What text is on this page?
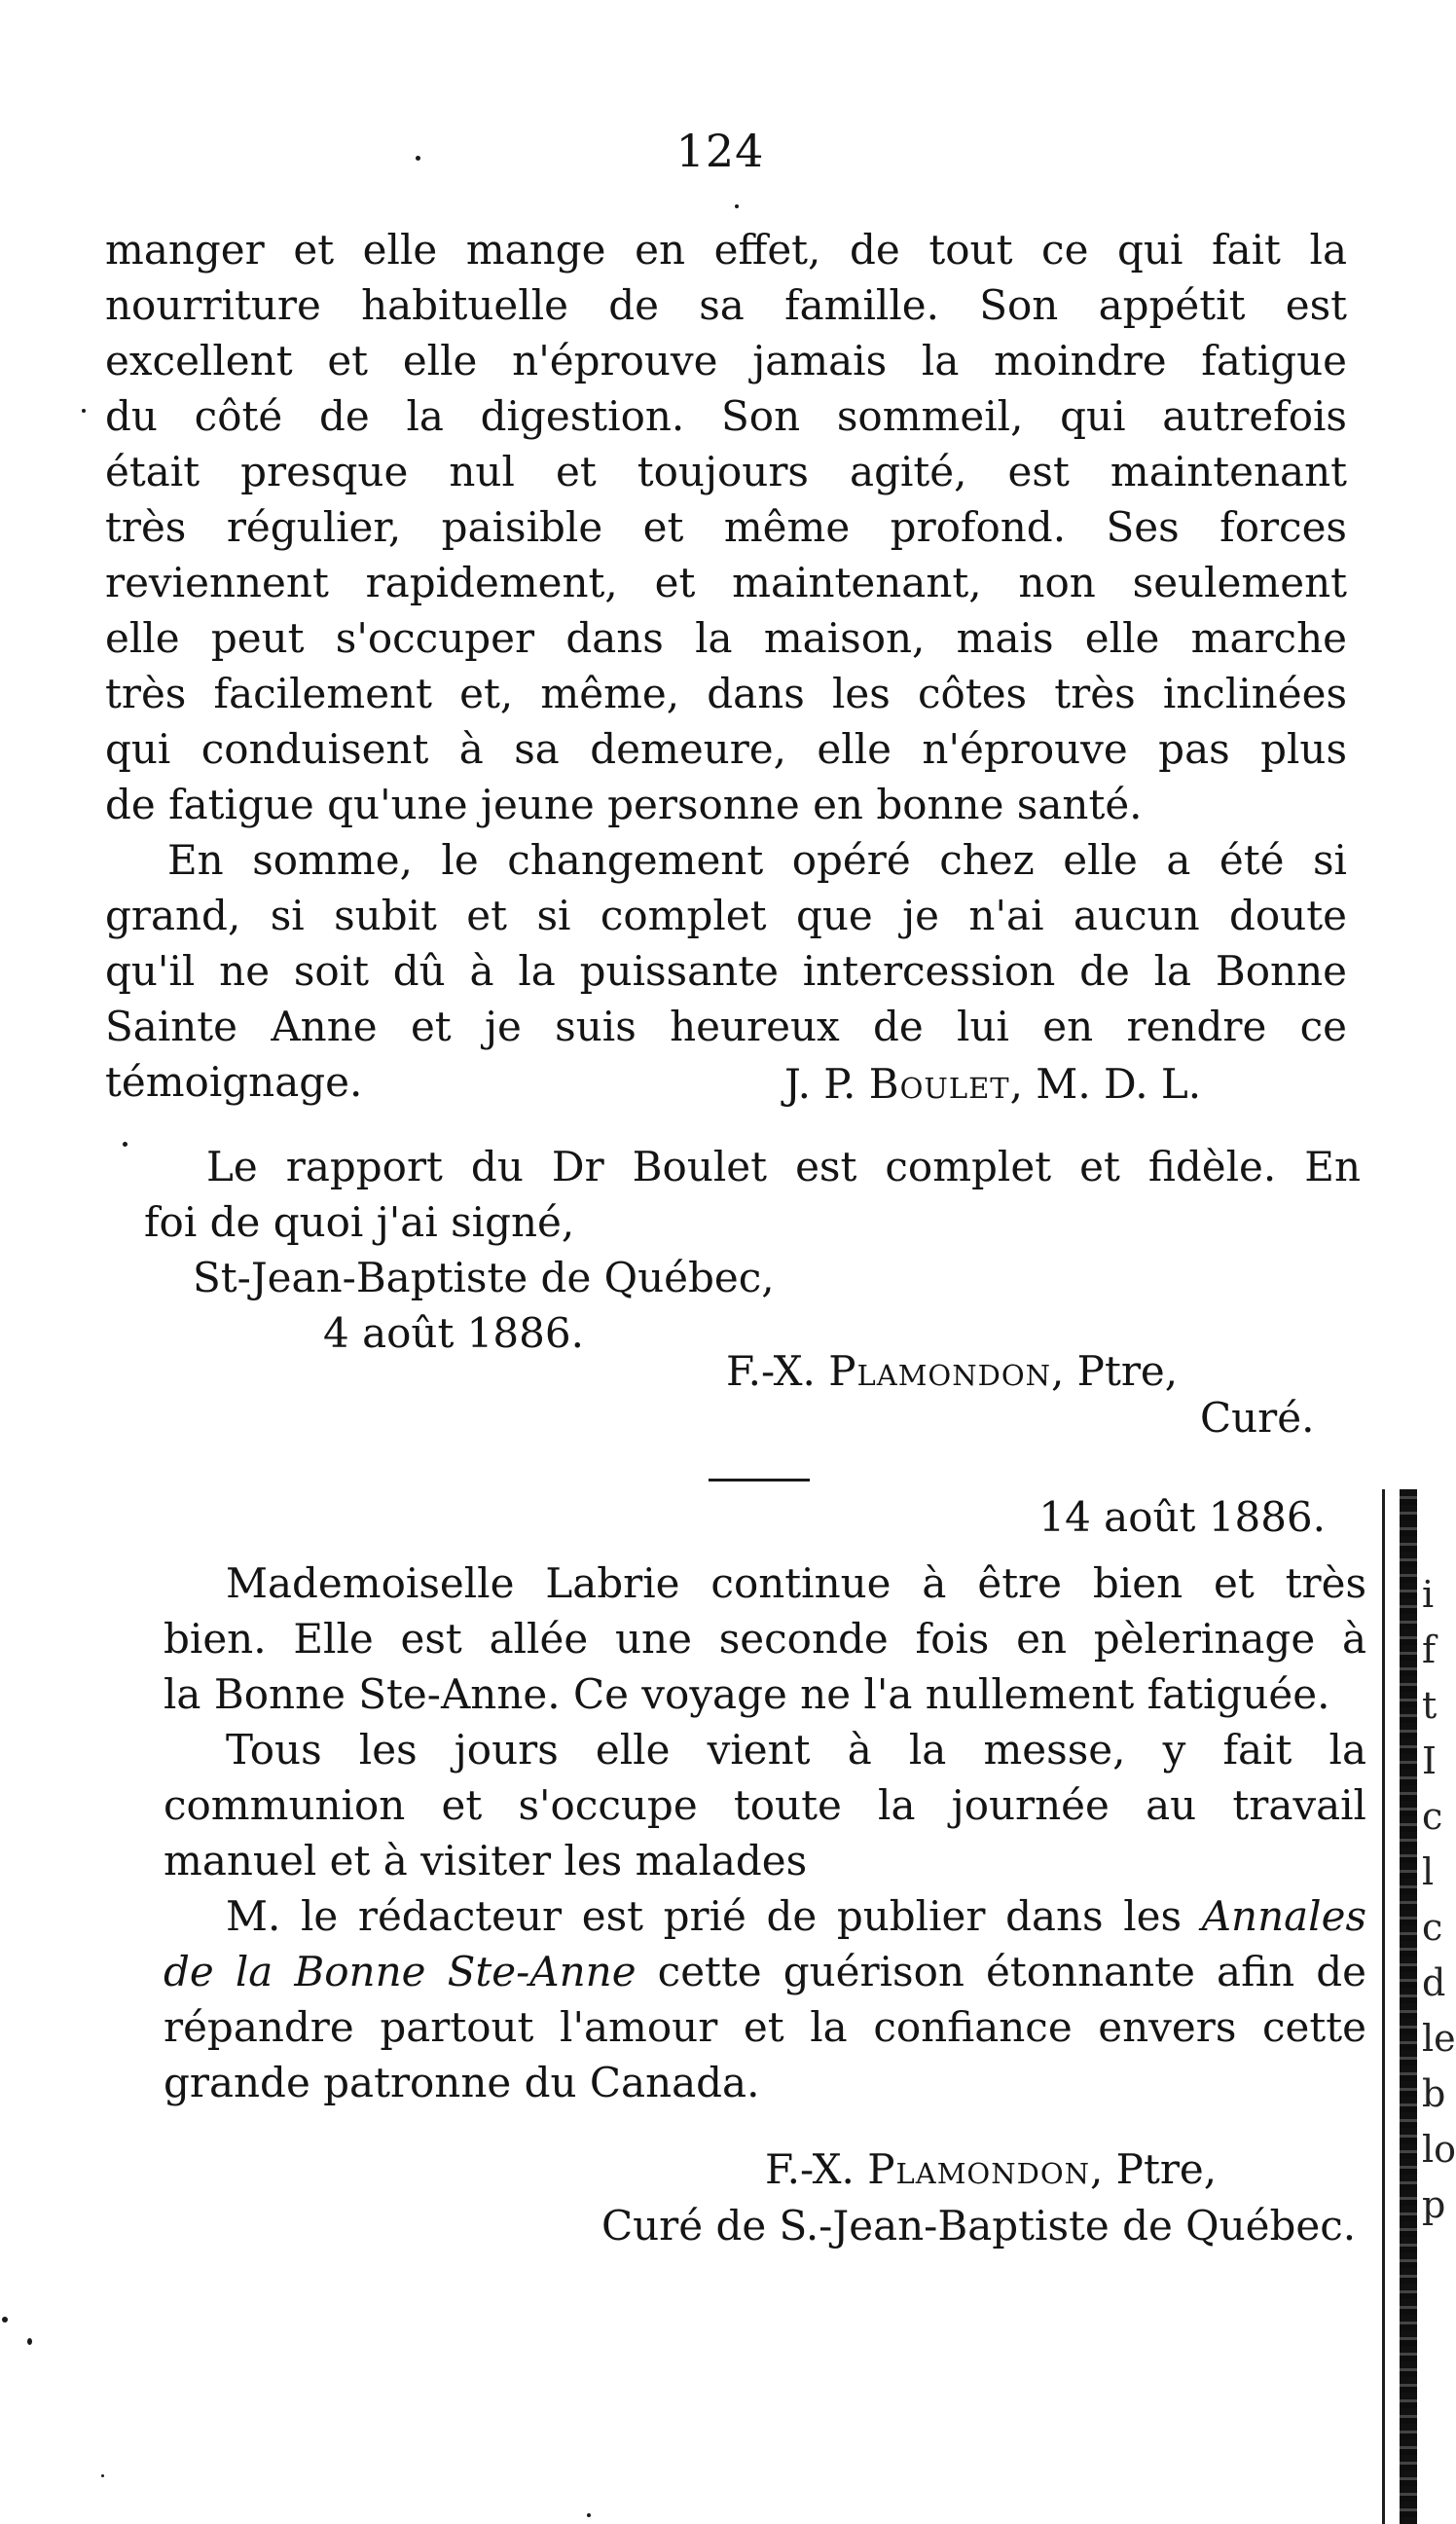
124

manger et elle mange en effet, de tout ce qui fait la nourriture habituelle de sa famille. Son appétit est excellent et elle n'éprouve jamais la moindre fatigue du côté de la digestion. Son sommeil, qui autrefois était presque nul et toujours agité, est maintenant très régulier, paisible et même profond. Ses forces reviennent rapidement, et maintenant, non seulement elle peut s'occuper dans la maison, mais elle marche très facilement et, même, dans les côtes très inclinées qui conduisent à sa demeure, elle n'éprouve pas plus de fatigue qu'une jeune personne en bonne santé.

En somme, le changement opéré chez elle a été si grand, si subit et si complet que je n'ai aucun doute qu'il ne soit dû à la puissante intercession de la Bonne Sainte Anne et je suis heureux de lui en rendre ce témoignage.	J. P. Boulet, M. D. L.

Le rapport du Dr Boulet est complet et fidèle. En foi de quoi j'ai signé,

St-Jean-Baptiste de Québec,
4 août 1886.
F.-X. Plamondon, Ptre,
Curé.
14 août 1886.

Mademoiselle Labrie continue à être bien et très bien. Elle est allée une seconde fois en pèlerinage à la Bonne Ste-Anne. Ce voyage ne l'a nullement fatiguée.

Tous les jours elle vient à la messe, y fait la communion et s'occupe toute la journée au travail manuel et à visiter les malades

M. le rédacteur est prié de publier dans les Annales de la Bonne Ste-Anne cette guérison étonnante afin de répandre partout l'amour et la confiance envers cette grande patronne du Canada.

F.-X. Plamondon, Ptre,
Curé de S.-Jean-Baptiste de Québec.
i
f
t
I
c
l
c
d
le
b
lo
p
